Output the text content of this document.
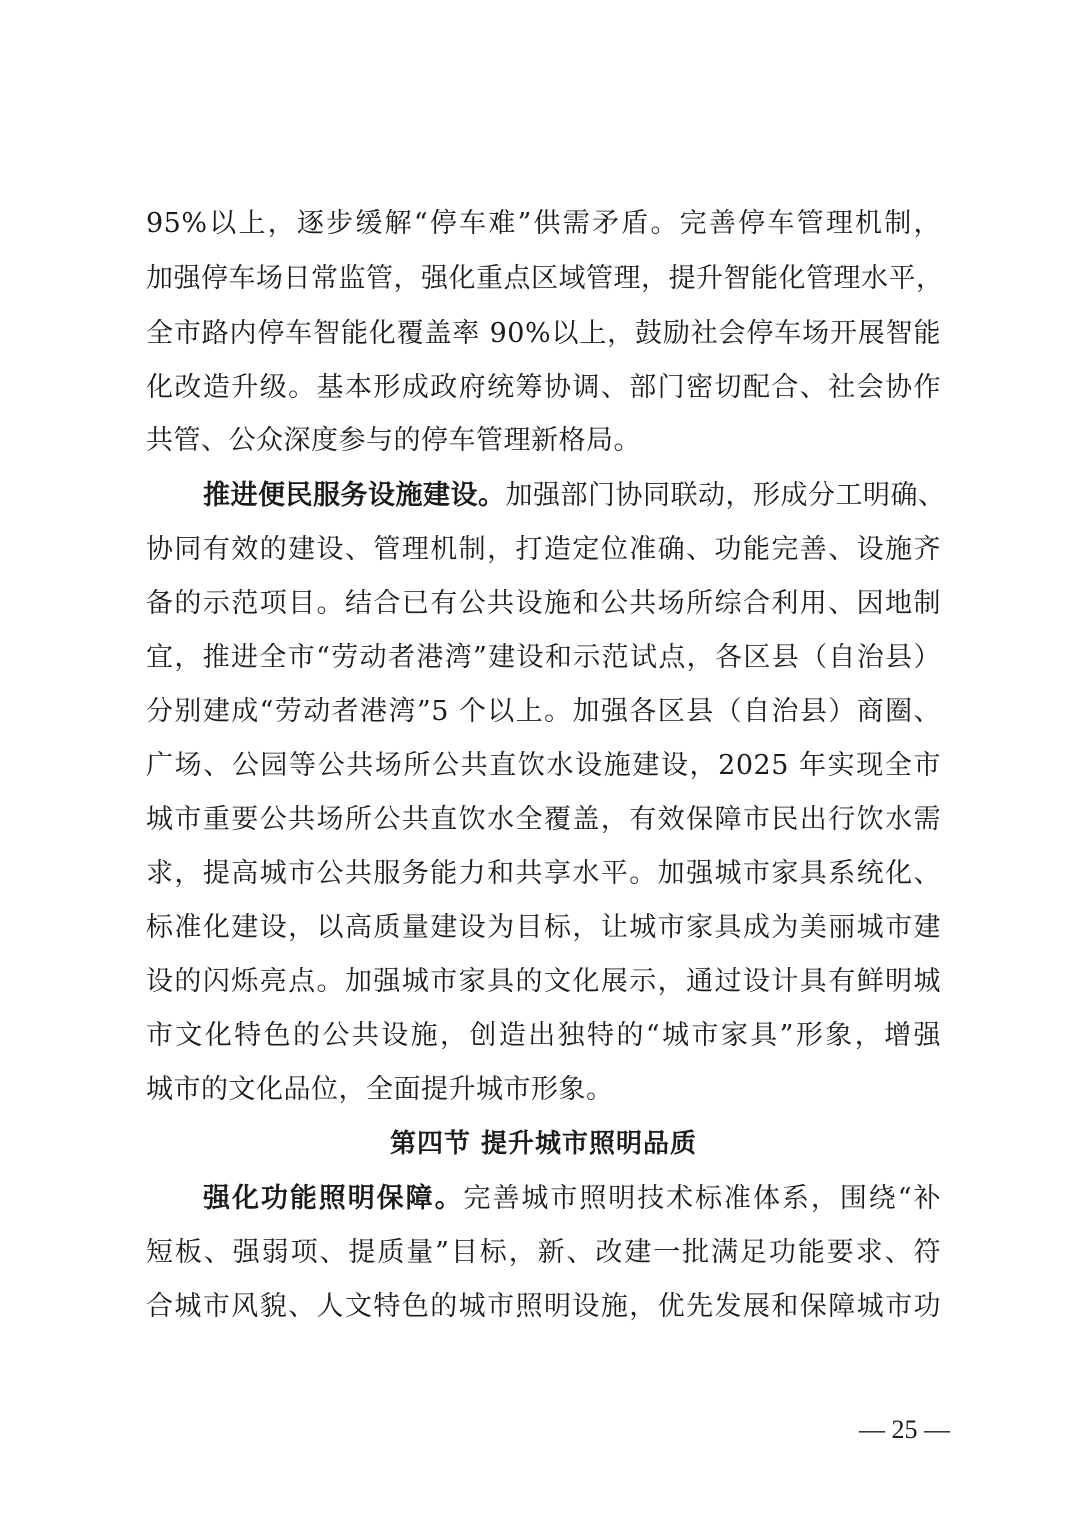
95%以上，逐步缓解“停车难”供需矛盾。完善停车管理机制，
加强停车场日常监管，强化重点区域管理，提升智能化管理水平，
全市路内停车智能化覆盖率 90%以上，鼓励社会停车场开展智能
化改造升级。基本形成政府统筹协调、部门密切配合、社会协作
共管、公众深度参与的停车管理新格局。
推进便民服务设施建设。加强部门协同联动，形成分工明确、
协同有效的建设、管理机制，打造定位准确、功能完善、设施齐
备的示范项目。结合已有公共设施和公共场所综合利用、因地制
宜，推进全市“劳动者港湾”建设和示范试点，各区县（自治县）
分别建成“劳动者港湾”5 个以上。加强各区县（自治县）商圈、
广场、公园等公共场所公共直饮水设施建设，2025 年实现全市
城市重要公共场所公共直饮水全覆盖，有效保障市民出行饮水需
求，提高城市公共服务能力和共享水平。加强城市家具系统化、
标准化建设，以高质量建设为目标，让城市家具成为美丽城市建
设的闪烁亮点。加强城市家具的文化展示，通过设计具有鲜明城
市文化特色的公共设施，创造出独特的“城市家具”形象，增强
城市的文化品位，全面提升城市形象。
第四节 提升城市照明品质
强化功能照明保障。完善城市照明技术标准体系，围绕“补
短板、强弱项、提质量”目标，新、改建一批满足功能要求、符
合城市风貌、人文特色的城市照明设施，优先发展和保障城市功
— 25 —
